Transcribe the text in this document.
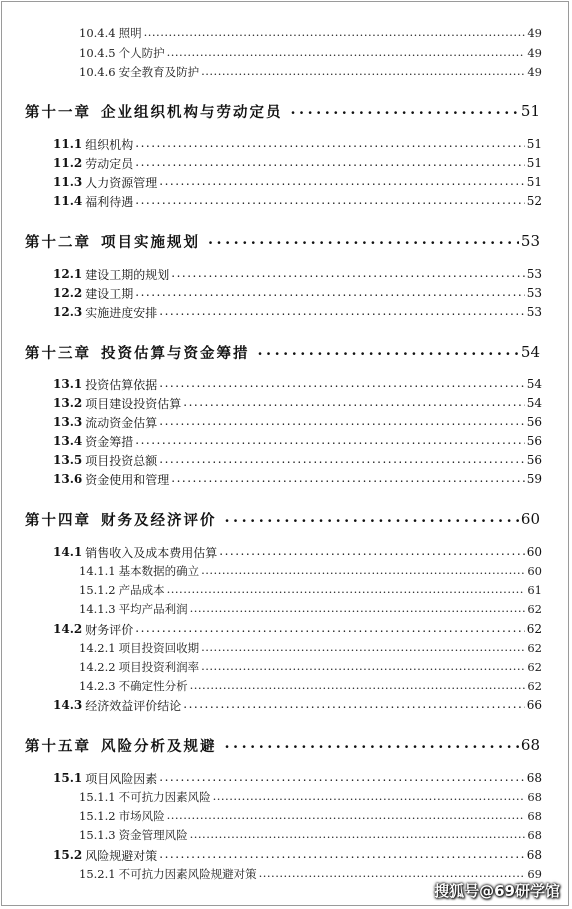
10.4.4 照明 .....	49
10.4.5 个人防护 .....	49
10.4.6 安全教育及防护 .....	49
第十一章 企业组织机构与劳动定员 .....	51
11.1 组织机构 .....	51
11.2 劳动定员 .....	51
11.3 人力资源管理 .....	51
11.4 福利待遇 .....	52
第十二章 项目实施规划 .....	53
12.1 建设工期的规划 .....	53
12.2 建设工期 .....	53
12.3 实施进度安排 .....	53
第十三章 投资估算与资金筹措 .....	54
13.1 投资估算依据 .....	54
13.2 项目建设投资估算 .....	54
13.3 流动资金估算 .....	56
13.4 资金筹措 .....	56
13.5 项目投资总额 .....	56
13.6 资金使用和管理 .....	59
第十四章 财务及经济评价 .....	60
14.1 销售收入及成本费用估算 .....	60
14.1.1 基本数据的确立 .....	60
15.1.2 产品成本 .....	61
14.1.3 平均产品利润 .....	62
14.2 财务评价 .....	62
14.2.1 项目投资回收期 .....	62
14.2.2 项目投资利润率 .....	62
14.2.3 不确定性分析 .....	62
14.3 经济效益评价结论 .....	66
第十五章 风险分析及规避 .....	68
15.1 项目风险因素 .....	68
15.1.1 不可抗力因素风险 .....	68
15.1.2 市场风险 .....	68
15.1.3 资金管理风险 .....	68
15.2 风险规避对策 .....	68
15.2.1 不可抗力因素风险规避对策 .....	69
搜狐号@69研学馆
